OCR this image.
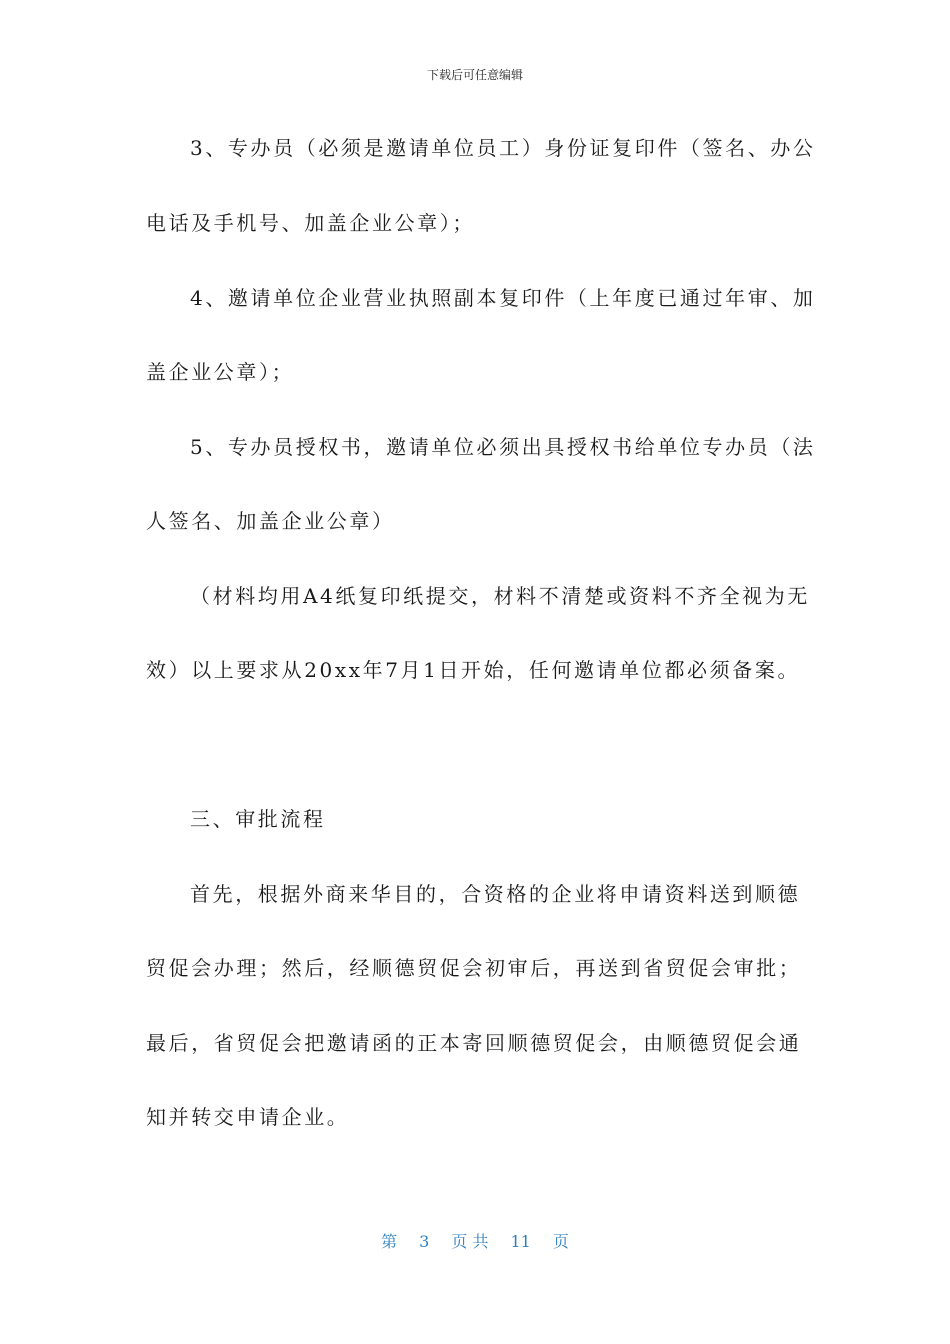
下载后可任意编辑
3、专办员（必须是邀请单位员工）身份证复印件（签名、办公
电话及手机号、加盖企业公章）；
4、邀请单位企业营业执照副本复印件（上年度已通过年审、加
盖企业公章）；
5、专办员授权书，邀请单位必须出具授权书给单位专办员（法
人签名、加盖企业公章）
（材料均用A4纸复印纸提交，材料不清楚或资料不齐全视为无
效）以上要求从20xx年7月1日开始，任何邀请单位都必须备案。
三、审批流程
首先，根据外商来华目的，合资格的企业将申请资料送到顺德
贸促会办理；然后，经顺德贸促会初审后，再送到省贸促会审批；
最后，省贸促会把邀请函的正本寄回顺德贸促会，由顺德贸促会通
知并转交申请企业。
第 3 页 共 11 页
